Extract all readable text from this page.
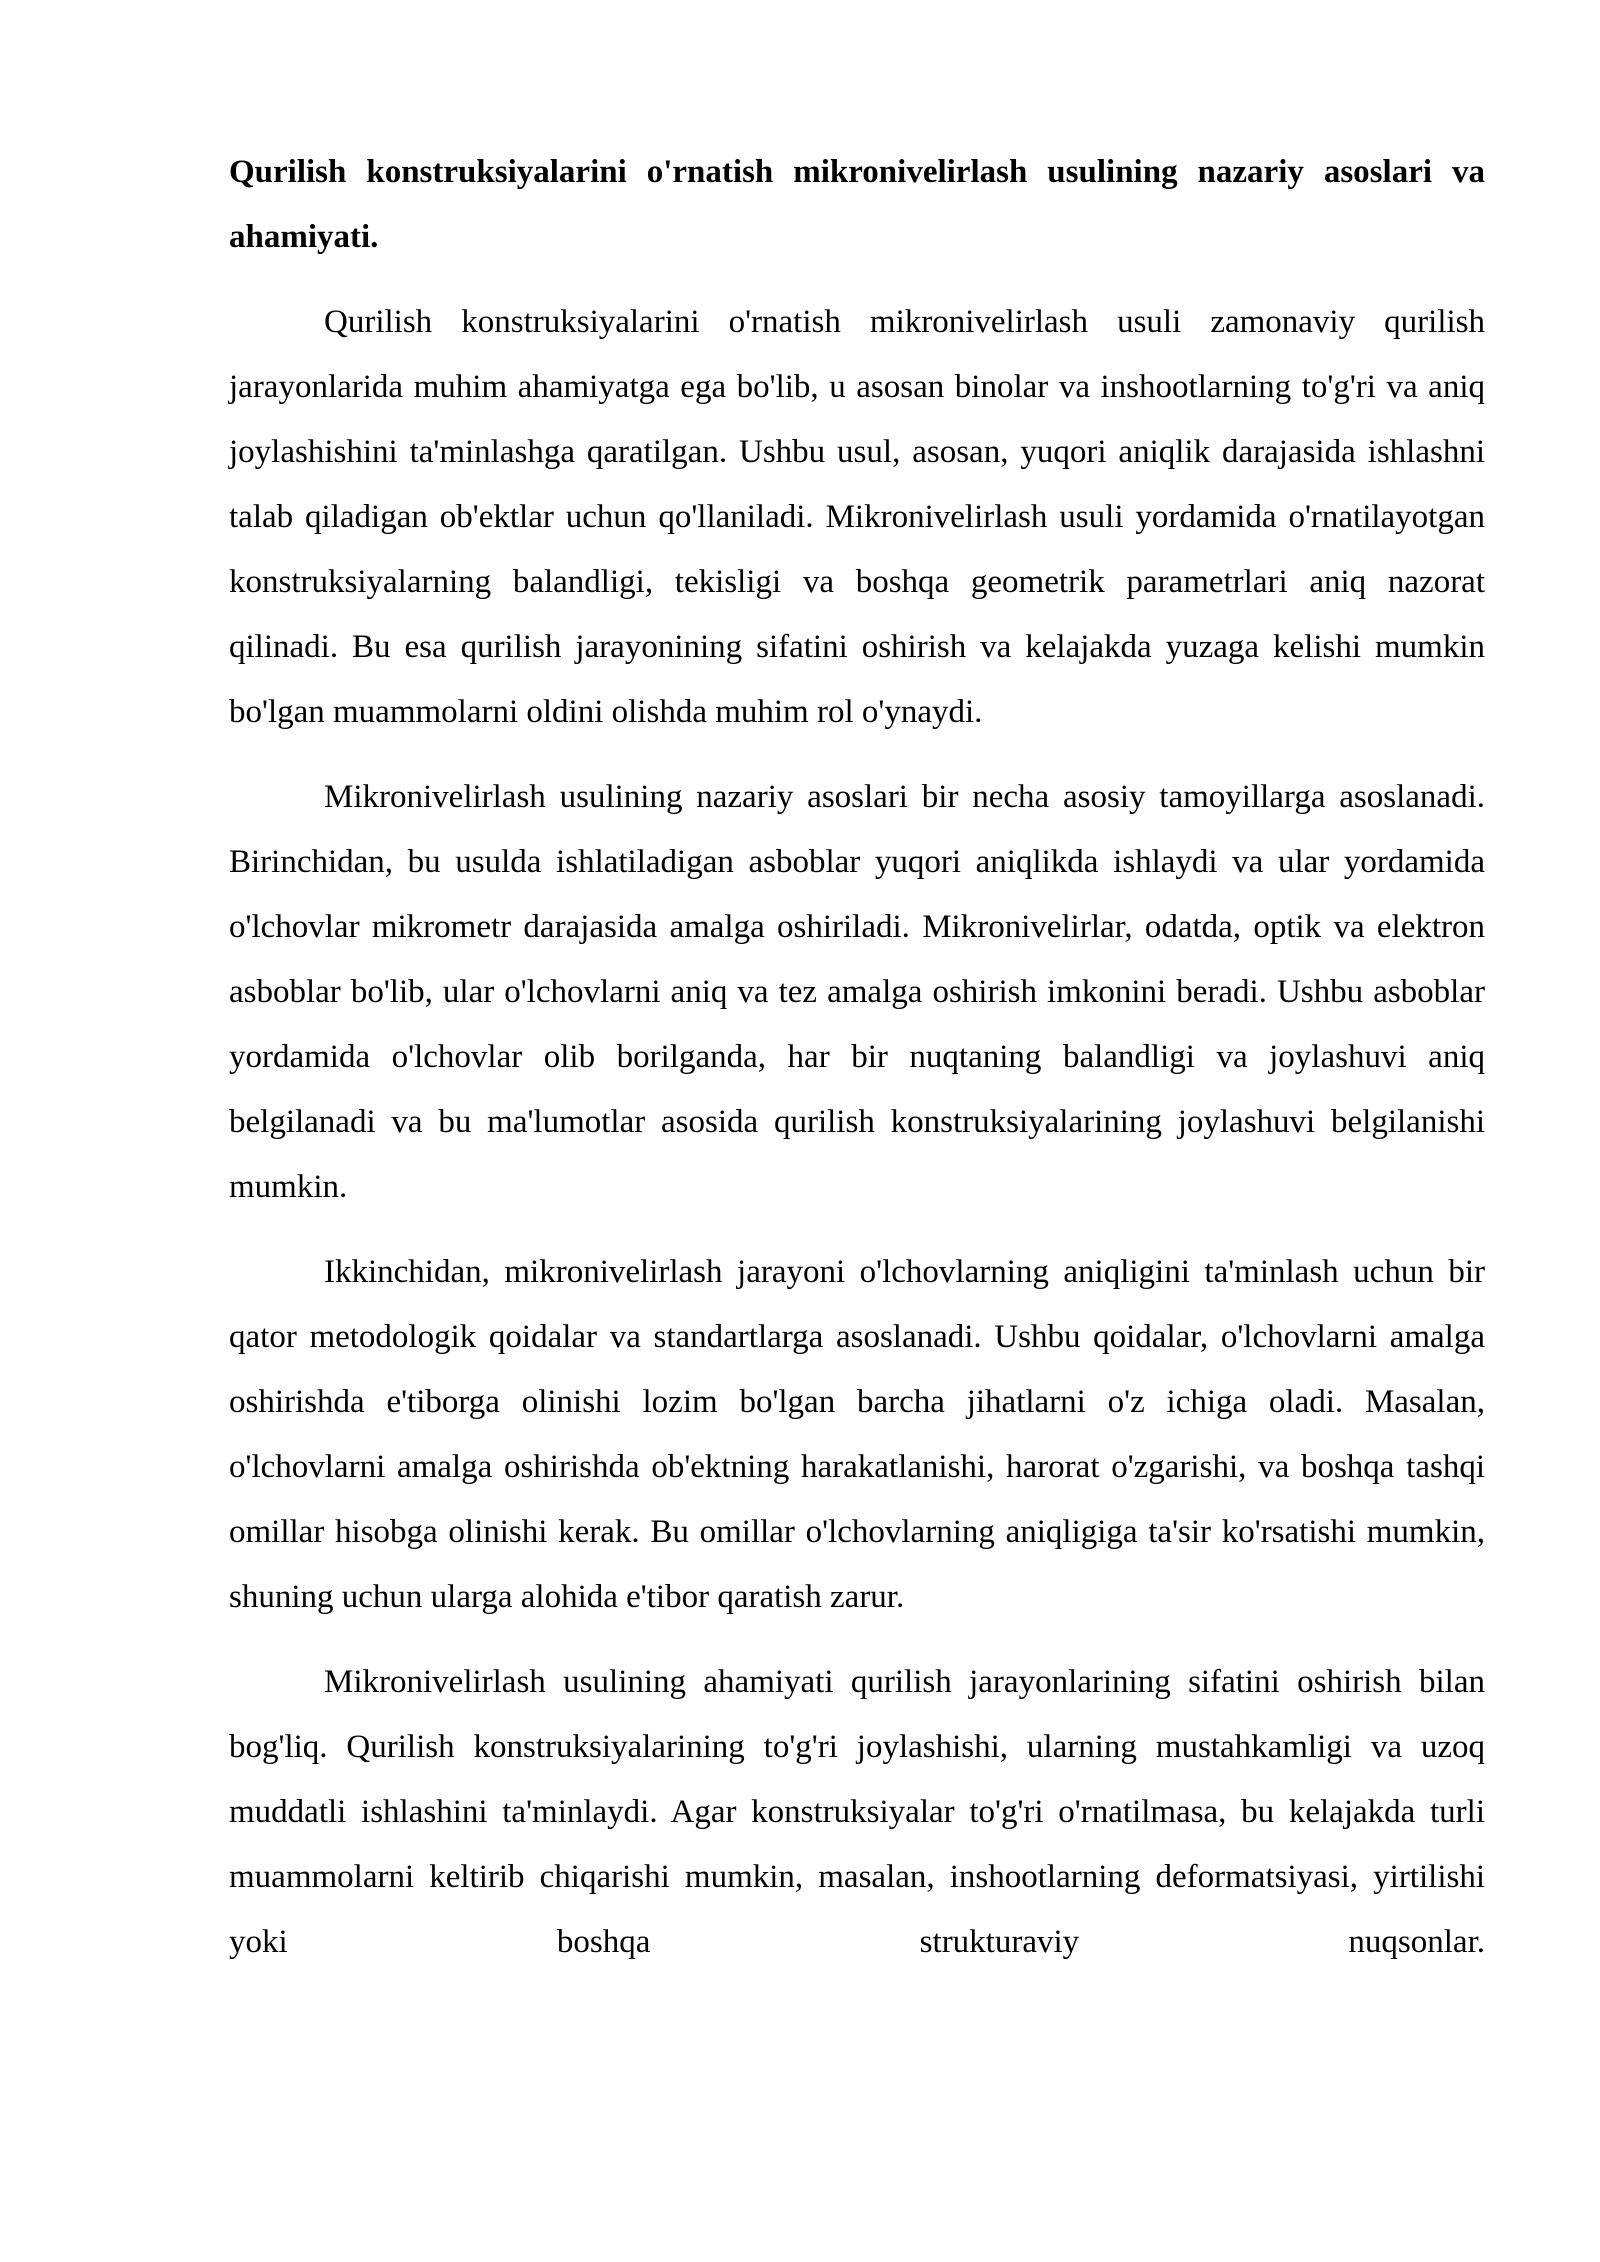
Qurilish konstruksiyalarini o'rnatish mikronivelirlash usulining nazariy asoslari va ahamiyati.

Qurilish konstruksiyalarini o'rnatish mikronivelirlash usuli zamonaviy qurilish jarayonlarida muhim ahamiyatga ega bo'lib, u asosan binolar va inshootlarning to'g'ri va aniq joylashishini ta'minlashga qaratilgan. Ushbu usul, asosan, yuqori aniqlik darajasida ishlashni talab qiladigan ob'ektlar uchun qo'llaniladi. Mikronivelirlash usuli yordamida o'rnatilayotgan konstruksiyalarning balandligi, tekisligi va boshqa geometrik parametrlari aniq nazorat qilinadi. Bu esa qurilish jarayonining sifatini oshirish va kelajakda yuzaga kelishi mumkin bo'lgan muammolarni oldini olishda muhim rol o'ynaydi.

Mikronivelirlash usulining nazariy asoslari bir necha asosiy tamoyillarga asoslanadi. Birinchidan, bu usulda ishlatiladigan asboblar yuqori aniqlikda ishlaydi va ular yordamida o'lchovlar mikrometr darajasida amalga oshiriladi. Mikronivelirlar, odatda, optik va elektron asboblar bo'lib, ular o'lchovlarni aniq va tez amalga oshirish imkonini beradi. Ushbu asboblar yordamida o'lchovlar olib borilganda, har bir nuqtaning balandligi va joylashuvi aniq belgilanadi va bu ma'lumotlar asosida qurilish konstruksiyalarining joylashuvi belgilanishi mumkin.

Ikkinchidan, mikronivelirlash jarayoni o'lchovlarning aniqligini ta'minlash uchun bir qator metodologik qoidalar va standartlarga asoslanadi. Ushbu qoidalar, o'lchovlarni amalga oshirishda e'tiborga olinishi lozim bo'lgan barcha jihatlarni o'z ichiga oladi. Masalan, o'lchovlarni amalga oshirishda ob'ektning harakatlanishi, harorat o'zgarishi, va boshqa tashqi omillar hisobga olinishi kerak. Bu omillar o'lchovlarning aniqligiga ta'sir ko'rsatishi mumkin, shuning uchun ularga alohida e'tibor qaratish zarur.

Mikronivelirlash usulining ahamiyati qurilish jarayonlarining sifatini oshirish bilan bog'liq. Qurilish konstruksiyalarining to'g'ri joylashishi, ularning mustahkamligi va uzoq muddatli ishlashini ta'minlaydi. Agar konstruksiyalar to'g'ri o'rnatilmasa, bu kelajakda turli muammolarni keltirib chiqarishi mumkin, masalan, inshootlarning deformatsiyasi, yirtilishi yoki boshqa strukturaviy nuqsonlar.
